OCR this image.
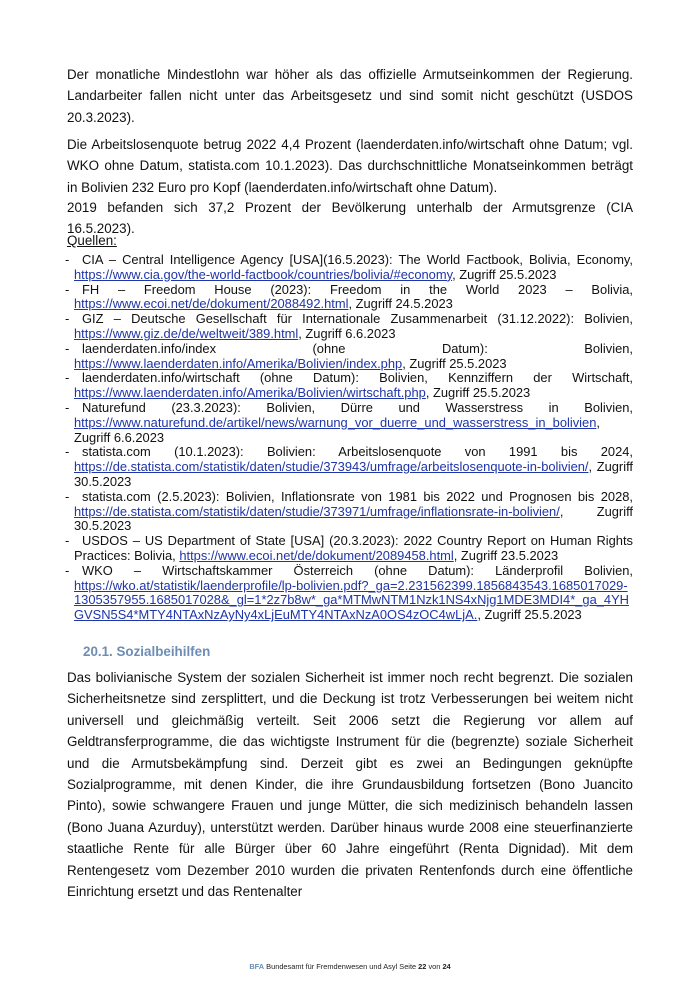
Der monatliche Mindestlohn war höher als das offizielle Armutseinkommen der Regierung. Landarbeiter fallen nicht unter das Arbeitsgesetz und sind somit nicht geschützt (USDOS 20.3.2023).

Die Arbeitslosenquote betrug 2022 4,4 Prozent (laenderdaten.info/wirtschaft ohne Datum; vgl. WKO ohne Datum, statista.com 10.1.2023). Das durchschnittliche Monatseinkommen beträgt in Bolivien 232 Euro pro Kopf (laenderdaten.info/wirtschaft ohne Datum).

2019 befanden sich 37,2 Prozent der Bevölkerung unterhalb der Armutsgrenze (CIA 16.5.2023).

Quellen:
- CIA – Central Intelligence Agency [USA](16.5.2023): The World Factbook, Bolivia, Economy,
https://www.cia.gov/the-world-factbook/countries/bolivia/#economy, Zugriff 25.5.2023
- FH – Freedom House (2023): Freedom in the World 2023 – Bolivia,
https://www.ecoi.net/de/dokument/2088492.html, Zugriff 24.5.2023
- GIZ – Deutsche Gesellschaft für Internationale Zusammenarbeit (31.12.2022): Bolivien,
https://www.giz.de/de/weltweit/389.html, Zugriff 6.6.2023
- laenderdaten.info/index (ohne Datum): Bolivien,
https://www.laenderdaten.info/Amerika/Bolivien/index.php, Zugriff 25.5.2023
- laenderdaten.info/wirtschaft (ohne Datum): Bolivien, Kennziffern der Wirtschaft,
https://www.laenderdaten.info/Amerika/Bolivien/wirtschaft.php, Zugriff 25.5.2023
- Naturefund (23.3.2023): Bolivien, Dürre und Wasserstress in Bolivien,
https://www.naturefund.de/artikel/news/warnung_vor_duerre_und_wasserstress_in_bolivien, Zugriff 6.6.2023
- statista.com (10.1.2023): Bolivien: Arbeitslosenquote von 1991 bis 2024,
https://de.statista.com/statistik/daten/studie/373943/umfrage/arbeitslosenquote-in-bolivien/, Zugriff 30.5.2023
- statista.com (2.5.2023): Bolivien, Inflationsrate von 1981 bis 2022 und Prognosen bis 2028,
https://de.statista.com/statistik/daten/studie/373971/umfrage/inflationsrate-in-bolivien/, Zugriff 30.5.2023
- USDOS – US Department of State [USA] (20.3.2023): 2022 Country Report on Human Rights
Practices: Bolivia, https://www.ecoi.net/de/dokument/2089458.html, Zugriff 23.5.2023
- WKO – Wirtschaftskammer Österreich (ohne Datum): Länderprofil Bolivien,
https://wko.at/statistik/laenderprofile/lp-bolivien.pdf?_ga=2.231562399.1856843543.1685017029-1305357955.1685017028&_gl=1*2z7b8w*_ga*MTMwNTM1Nzk1NS4xNjg1MDE3MDI4*_ga_4YHGVSN5S4*MTY4NTAxNzAyNy4xLjEuMTY4NTAxNzA0OS4zOC4wLjA., Zugriff 25.5.2023
20.1. Sozialbeihilfen

Das bolivianische System der sozialen Sicherheit ist immer noch recht begrenzt. Die sozialen Sicherheitsnetze sind zersplittert, und die Deckung ist trotz Verbesserungen bei weitem nicht universell und gleichmäßig verteilt. Seit 2006 setzt die Regierung vor allem auf Geldtransferprogramme, die das wichtigste Instrument für die (begrenzte) soziale Sicherheit und die Armutsbekämpfung sind. Derzeit gibt es zwei an Bedingungen geknüpfte Sozialprogramme, mit denen Kinder, die ihre Grundausbildung fortsetzen (Bono Juancito Pinto), sowie schwangere Frauen und junge Mütter, die sich medizinisch behandeln lassen (Bono Juana Azurduy), unterstützt werden. Darüber hinaus wurde 2008 eine steuerfinanzierte staatliche Rente für alle Bürger über 60 Jahre eingeführt (Renta Dignidad). Mit dem Rentengesetz vom Dezember 2010 wurden die privaten Rentenfonds durch eine öffentliche Einrichtung ersetzt und das Rentenalter

BFA Bundesamt für Fremdenwesen und Asyl Seite 22 von 24
